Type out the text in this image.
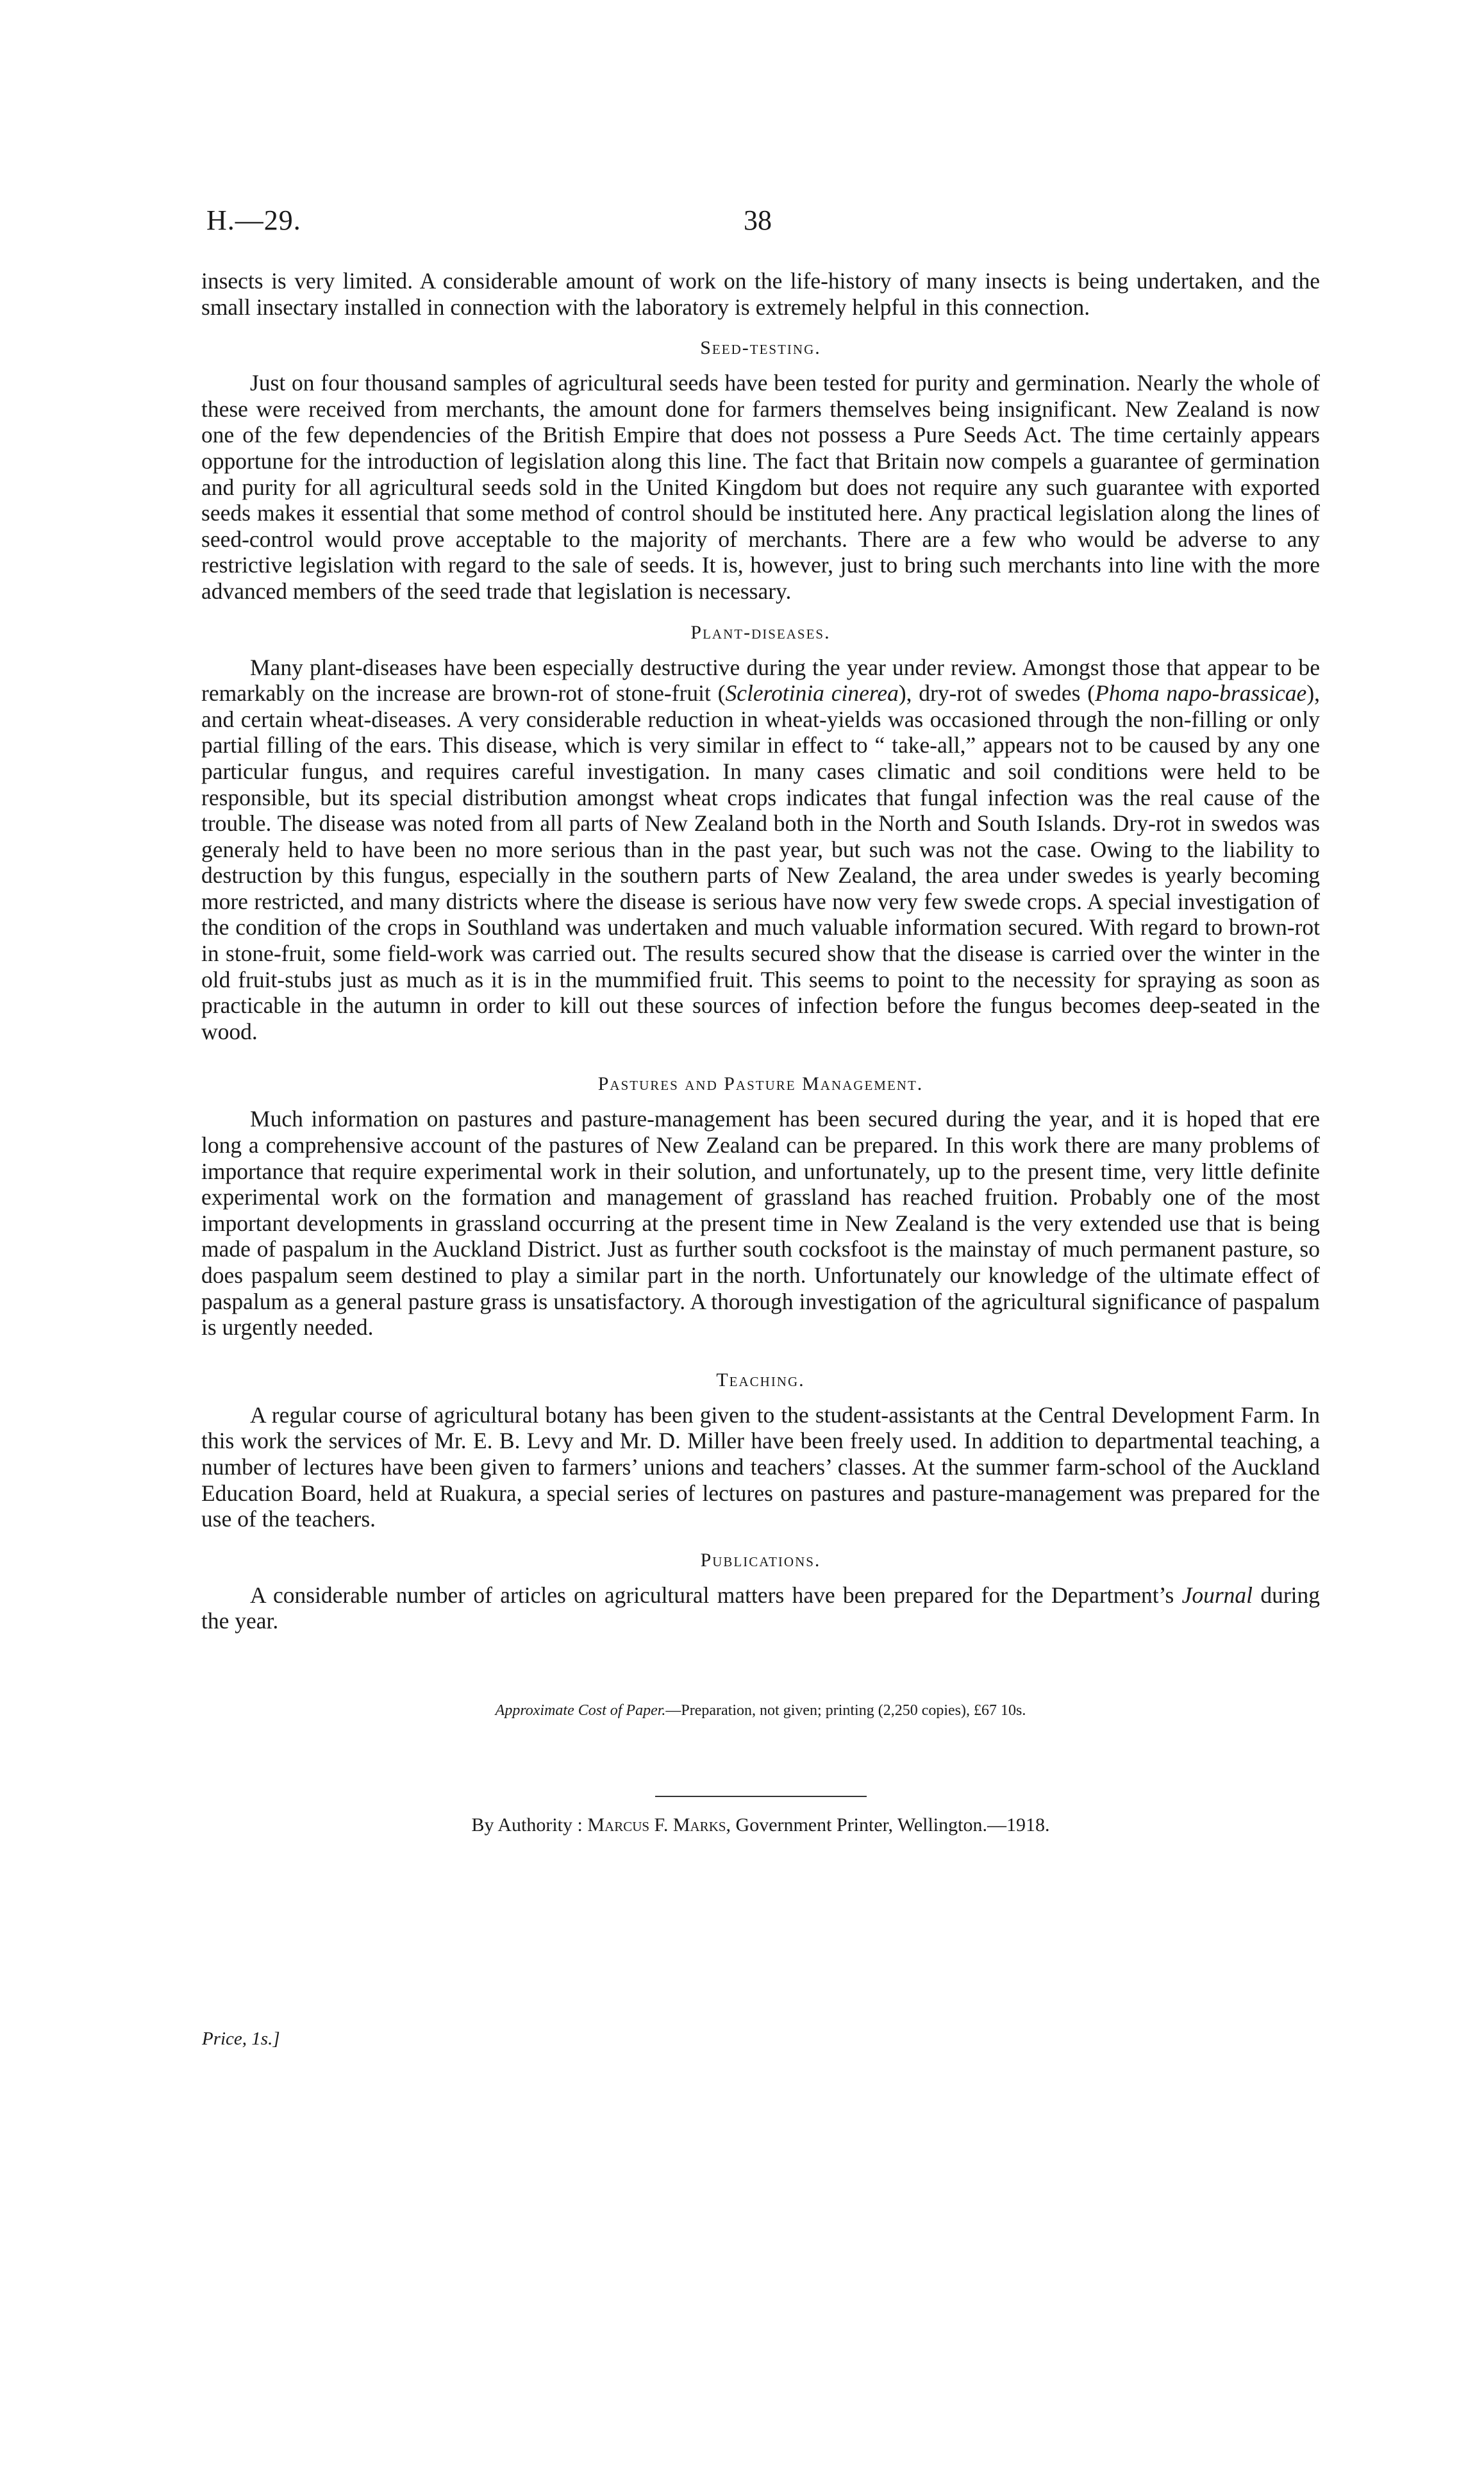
H.—29.	38

insects is very limited. A considerable amount of work on the life-history of many insects is being undertaken, and the small insectary installed in connection with the laboratory is extremely helpful in this connection.

Seed-testing.

Just on four thousand samples of agricultural seeds have been tested for purity and germination. Nearly the whole of these were received from merchants, the amount done for farmers themselves being insignificant. New Zealand is now one of the few dependencies of the British Empire that does not possess a Pure Seeds Act. The time certainly appears opportune for the introduction of legislation along this line. The fact that Britain now compels a guarantee of germination and purity for all agricultural seeds sold in the United Kingdom but does not require any such guarantee with exported seeds makes it essential that some method of control should be instituted here. Any practical legislation along the lines of seed-control would prove acceptable to the majority of merchants. There are a few who would be adverse to any restrictive legislation with regard to the sale of seeds. It is, however, just to bring such merchants into line with the more advanced members of the seed trade that legislation is necessary.

Plant-diseases.

Many plant-diseases have been especially destructive during the year under review. Amongst those that appear to be remarkably on the increase are brown-rot of stone-fruit (Sclerotinia cinerea), dry-rot of swedes (Phoma napo-brassicae), and certain wheat-diseases. A very considerable reduction in wheat-yields was occasioned through the non-filling or only partial filling of the ears. This disease, which is very similar in effect to “ take-all,” appears not to be caused by any one particular fungus, and requires careful investigation. In many cases climatic and soil conditions were held to be responsible, but its special distribution amongst wheat crops indicates that fungal infection was the real cause of the trouble. The disease was noted from all parts of New Zealand both in the North and South Islands. Dry-rot in swedos was generaly held to have been no more serious than in the past year, but such was not the case. Owing to the liability to destruction by this fungus, especially in the southern parts of New Zealand, the area under swedes is yearly becoming more restricted, and many districts where the disease is serious have now very few swede crops. A special investigation of the condition of the crops in Southland was undertaken and much valuable information secured. With regard to brown-rot in stone-fruit, some field-work was carried out. The results secured show that the disease is carried over the winter in the old fruit-stubs just as much as it is in the mummified fruit. This seems to point to the necessity for spraying as soon as practicable in the autumn in order to kill out these sources of infection before the fungus becomes deep-seated in the wood.

Pastures and Pasture Management.

Much information on pastures and pasture-management has been secured during the year, and it is hoped that ere long a comprehensive account of the pastures of New Zealand can be prepared. In this work there are many problems of importance that require experimental work in their solution, and unfortunately, up to the present time, very little definite experimental work on the formation and management of grassland has reached fruition. Probably one of the most important developments in grassland occurring at the present time in New Zealand is the very extended use that is being made of paspalum in the Auckland District. Just as further south cocksfoot is the mainstay of much permanent pasture, so does paspalum seem destined to play a similar part in the north. Unfortunately our knowledge of the ultimate effect of paspalum as a general pasture grass is unsatisfactory. A thorough investigation of the agricultural significance of paspalum is urgently needed.

Teaching.

A regular course of agricultural botany has been given to the student-assistants at the Central Development Farm. In this work the services of Mr. E. B. Levy and Mr. D. Miller have been freely used. In addition to departmental teaching, a number of lectures have been given to farmers’ unions and teachers’ classes. At the summer farm-school of the Auckland Education Board, held at Ruakura, a special series of lectures on pastures and pasture-management was prepared for the use of the teachers.

Publications.

A considerable number of articles on agricultural matters have been prepared for the Department’s Journal during the year.

Approximate Cost of Paper.—Preparation, not given; printing (2,250 copies), £67 10s.
By Authority : Marcus F. Marks, Government Printer, Wellington.—1918.
Price, 1s.]
